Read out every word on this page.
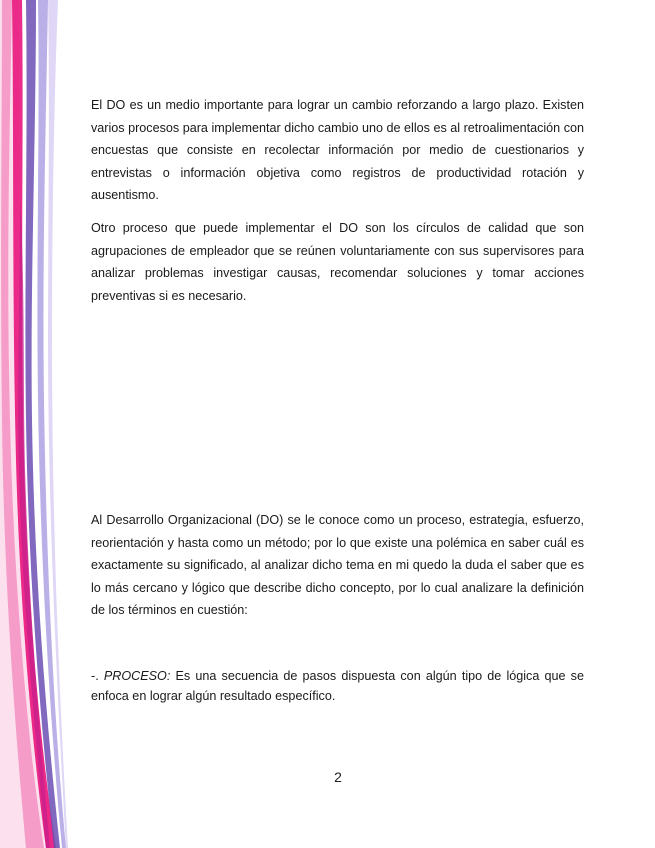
El DO es un medio importante para lograr un cambio reforzando a largo plazo. Existen varios procesos para implementar dicho cambio uno de ellos es al retroalimentación con encuestas que consiste en recolectar información por medio de cuestionarios y entrevistas o información objetiva como registros de productividad rotación y ausentismo.

Otro proceso que puede implementar el DO son los círculos de calidad que son agrupaciones de empleador que se reúnen voluntariamente con sus supervisores para analizar problemas investigar causas, recomendar soluciones y tomar acciones preventivas si es necesario.

Al Desarrollo Organizacional (DO) se le conoce como un proceso, estrategia, esfuerzo, reorientación y hasta como un método; por lo que existe una polémica en saber cuál es exactamente su significado, al analizar dicho tema en mi quedo la duda el saber que es lo más cercano y lógico que describe dicho concepto, por lo cual analizare la definición de los términos en cuestión:

-. PROCESO: Es una secuencia de pasos dispuesta con algún tipo de lógica que se enfoca en lograr algún resultado específico.

2
